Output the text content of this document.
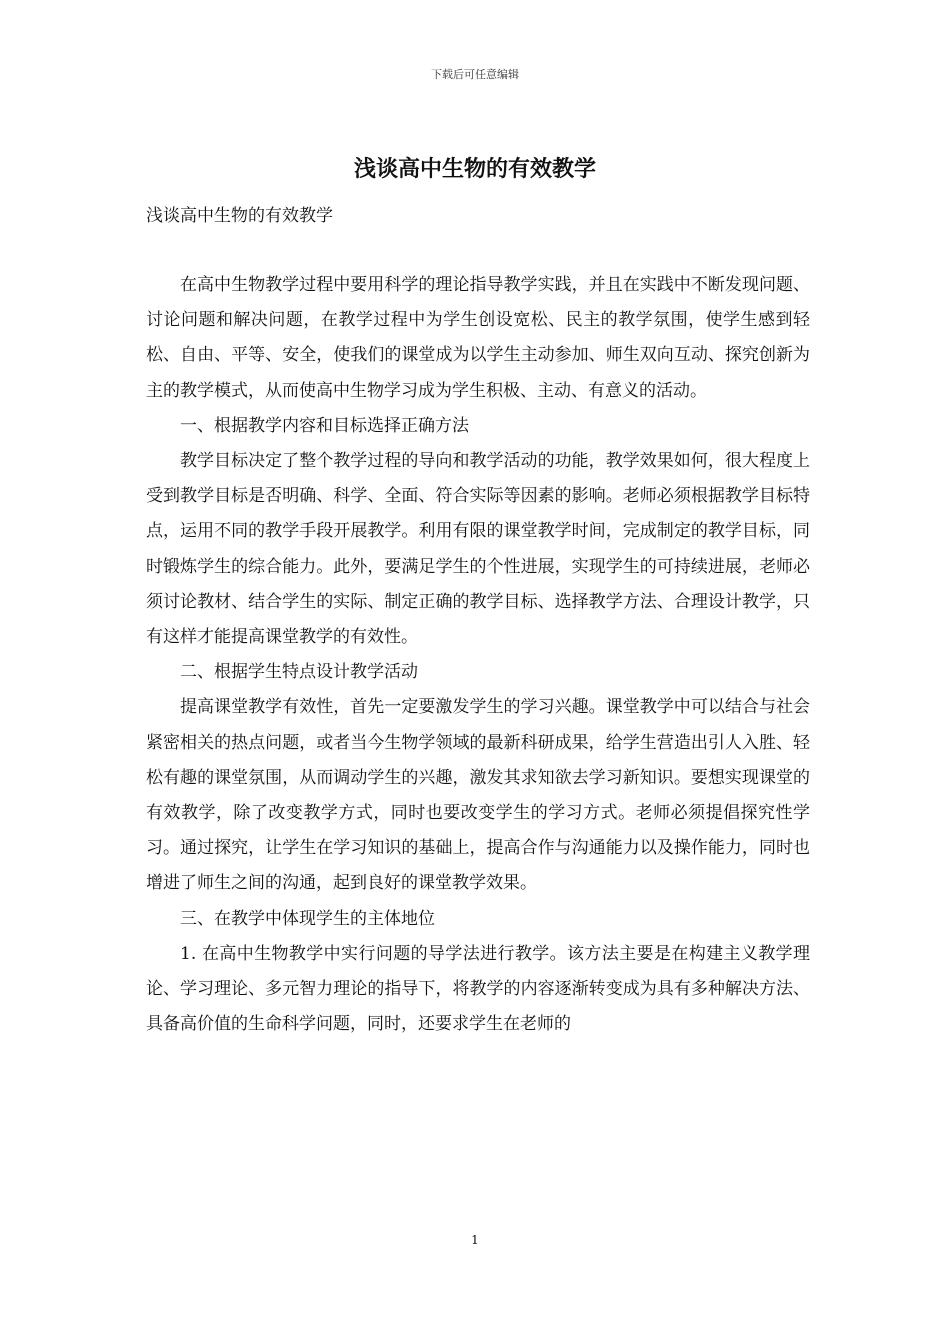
下载后可任意编辑
浅谈高中生物的有效教学
浅谈高中生物的有效教学

在高中生物教学过程中要用科学的理论指导教学实践，并且在实践中不断发现问题、讨论问题和解决问题，在教学过程中为学生创设宽松、民主的教学氛围，使学生感到轻松、自由、平等、安全，使我们的课堂成为以学生主动参加、师生双向互动、探究创新为主的教学模式，从而使高中生物学习成为学生积极、主动、有意义的活动。

一、根据教学内容和目标选择正确方法

教学目标决定了整个教学过程的导向和教学活动的功能，教学效果如何，很大程度上受到教学目标是否明确、科学、全面、符合实际等因素的影响。老师必须根据教学目标特点，运用不同的教学手段开展教学。利用有限的课堂教学时间，完成制定的教学目标，同时锻炼学生的综合能力。此外，要满足学生的个性进展，实现学生的可持续进展，老师必须讨论教材、结合学生的实际、制定正确的教学目标、选择教学方法、合理设计教学，只有这样才能提高课堂教学的有效性。

二、根据学生特点设计教学活动

提高课堂教学有效性，首先一定要激发学生的学习兴趣。课堂教学中可以结合与社会紧密相关的热点问题，或者当今生物学领域的最新科研成果，给学生营造出引人入胜、轻松有趣的课堂氛围，从而调动学生的兴趣，激发其求知欲去学习新知识。要想实现课堂的有效教学，除了改变教学方式，同时也要改变学生的学习方式。老师必须提倡探究性学习。通过探究，让学生在学习知识的基础上，提高合作与沟通能力以及操作能力，同时也增进了师生之间的沟通，起到良好的课堂教学效果。

三、在教学中体现学生的主体地位

1. 在高中生物教学中实行问题的导学法进行教学。该方法主要是在构建主义教学理论、学习理论、多元智力理论的指导下，将教学的内容逐渐转变成为具有多种解决方法、具备高价值的生命科学问题，同时，还要求学生在老师的

1
